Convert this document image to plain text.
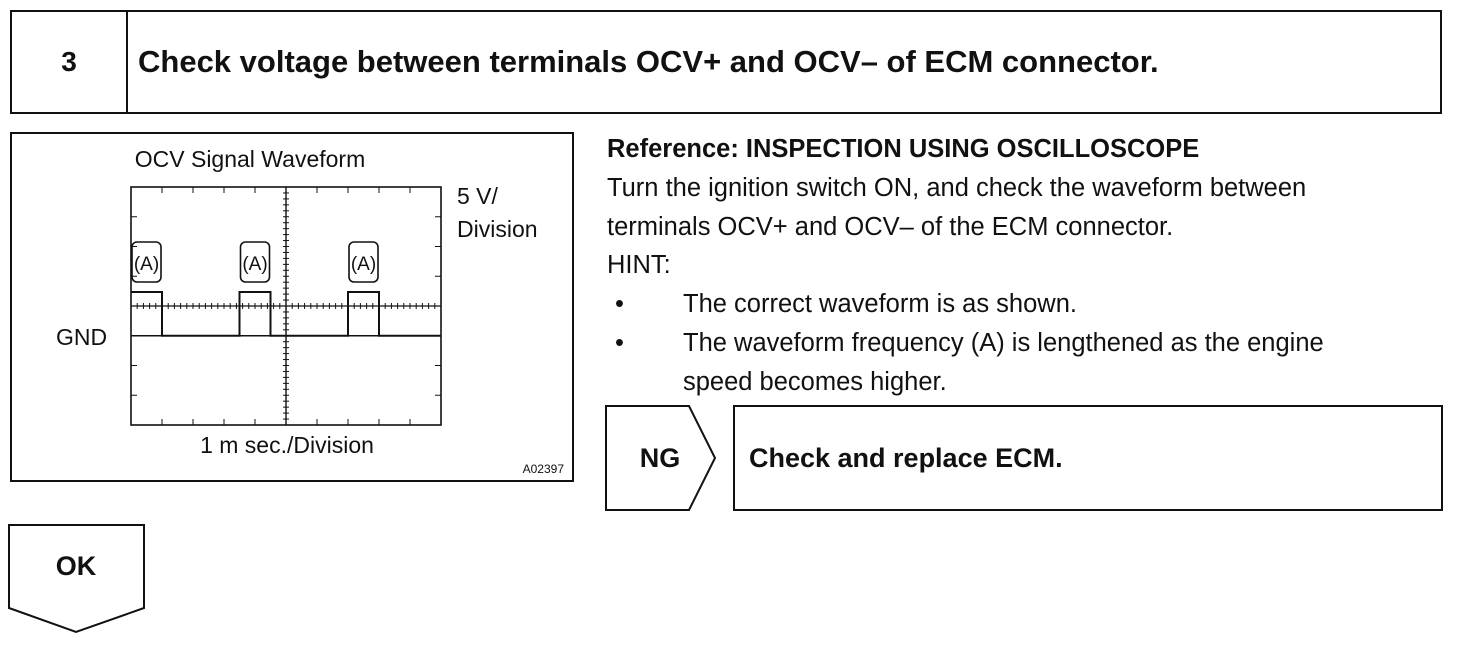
3	Check voltage between terminals OCV+ and OCV– of ECM connector.
OCV Signal Waveform
(A)	(A)	(A)
5 V/
Division
GND
1 m sec./Division
A02397
Reference: INSPECTION USING OSCILLOSCOPE
Turn the ignition switch ON, and check the waveform between
terminals OCV+ and OCV– of the ECM connector.
HINT:
• The correct waveform is as shown.
• The waveform frequency (A) is lengthened as the engine
speed becomes higher.
NG	Check and replace ECM.
OK
